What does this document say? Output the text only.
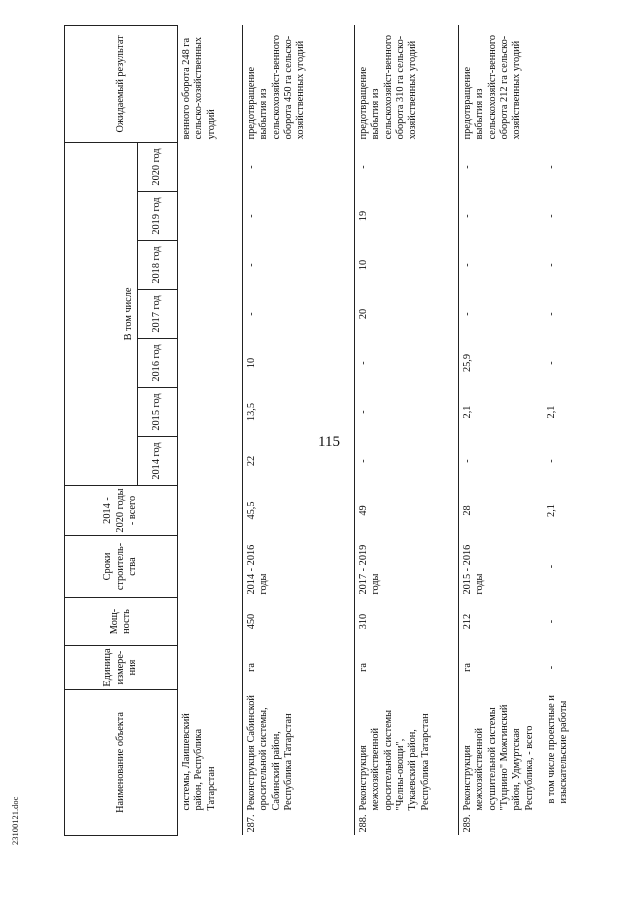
115
23100121.doc
Наименование объекта		Единица измере-ния	Мощ-ность	Сроки строитель-ства	2014 - 2020 годы - всего	В том числе							Ожидаемый результат

						2014 год	2015 год	2016 год	2017 год	2018 год	2019 год	2020 год	
	системы, Лаишевский район, Республика Татарстан												венного оборота 248 га сельско-хозяйственных угодий
287.	Реконструкция Сабинской оросительной системы, Сабинский район, Республика Татарстан	га	450	2014 - 2016 годы	45,5	22	13,5	10	-	-	-	-	предотвращение выбытия из сельскохозяйст-венного оборота 450 га сельско-хозяйственных угодий
288.	Реконструкция межхозяйственной оросительной системы "Челны-овощи", Тукаевский район, Республика Татарстан	га	310	2017 - 2019 годы	49	-	-	-	20	10	19	-	предотвращение выбытия из сельскохозяйст-венного оборота 310 га сельско-хозяйственных угодий
289.	Реконструкция межхозяйственной осушительной системы "Туцнинo" Можгинский район, Удмуртская Республика, - всего	га	212	2015 - 2016 годы	28	-	2,1	25,9	-	-	-	-	предотвращение выбытия из сельскохозяйст-венного оборота 212 га сельско-хозяйственных угодий
	в том числе проектные и изыскательские работы	-	-	-	2,1	-	2,1	-	-	-	-	-	
